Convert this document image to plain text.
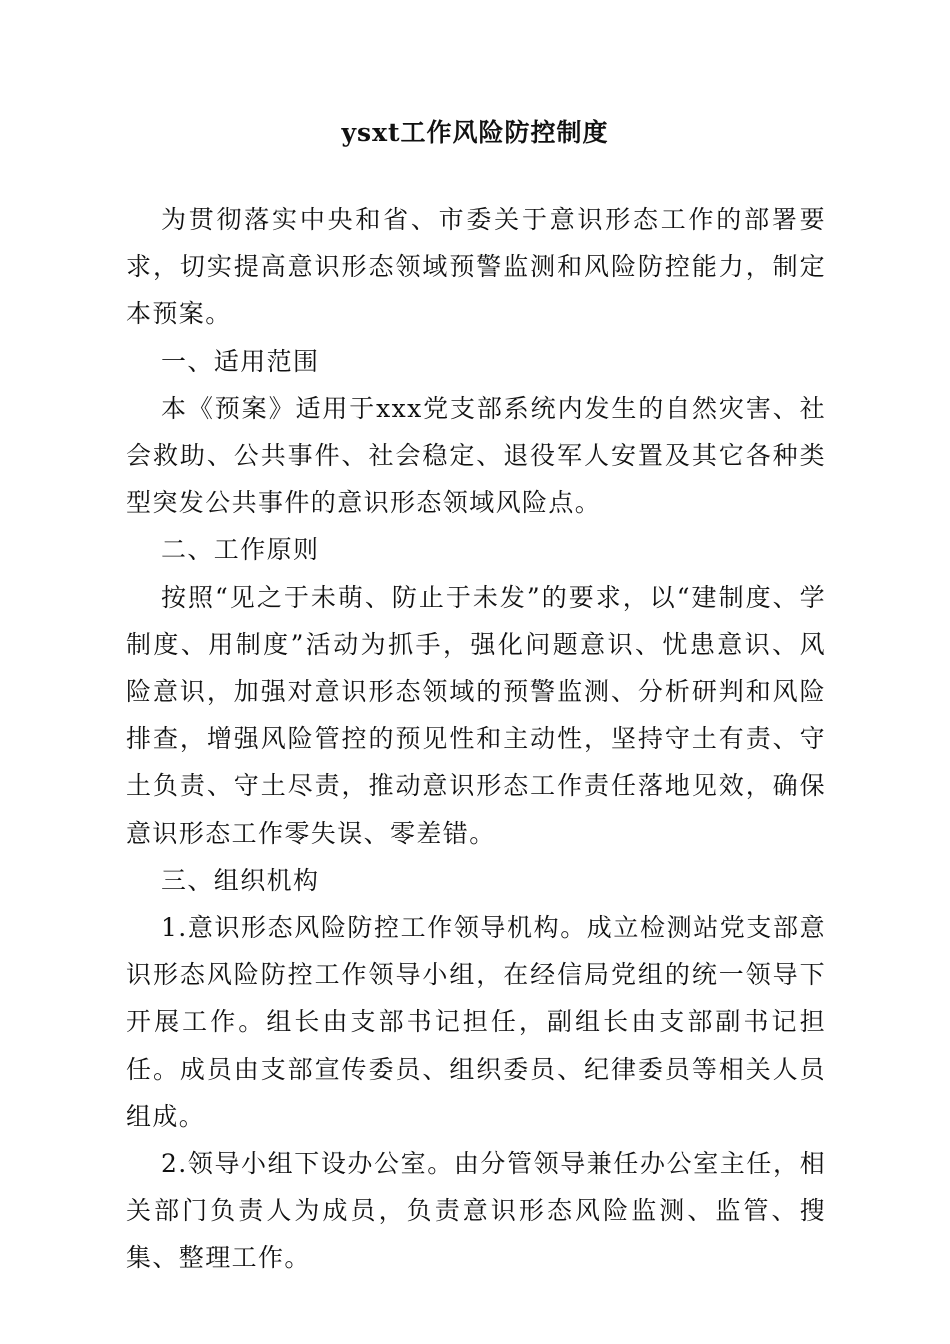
ysxt工作风险防控制度

为贯彻落实中央和省、市委关于意识形态工作的部署要求，切实提高意识形态领域预警监测和风险防控能力，制定本预案。

一、适用范围

本《预案》适用于xxx党支部系统内发生的自然灾害、社会救助、公共事件、社会稳定、退役军人安置及其它各种类型突发公共事件的意识形态领域风险点。

二、工作原则

按照“见之于未萌、防止于未发”的要求，以“建制度、学制度、用制度”活动为抓手，强化问题意识、忧患意识、风险意识，加强对意识形态领域的预警监测、分析研判和风险排查，增强风险管控的预见性和主动性，坚持守土有责、守土负责、守土尽责，推动意识形态工作责任落地见效，确保意识形态工作零失误、零差错。

三、组织机构

1.意识形态风险防控工作领导机构。成立检测站党支部意识形态风险防控工作领导小组，在经信局党组的统一领导下开展工作。组长由支部书记担任，副组长由支部副书记担任。成员由支部宣传委员、组织委员、纪律委员等相关人员组成。

2.领导小组下设办公室。由分管领导兼任办公室主任，相关部门负责人为成员，负责意识形态风险监测、监管、搜集、整理工作。
